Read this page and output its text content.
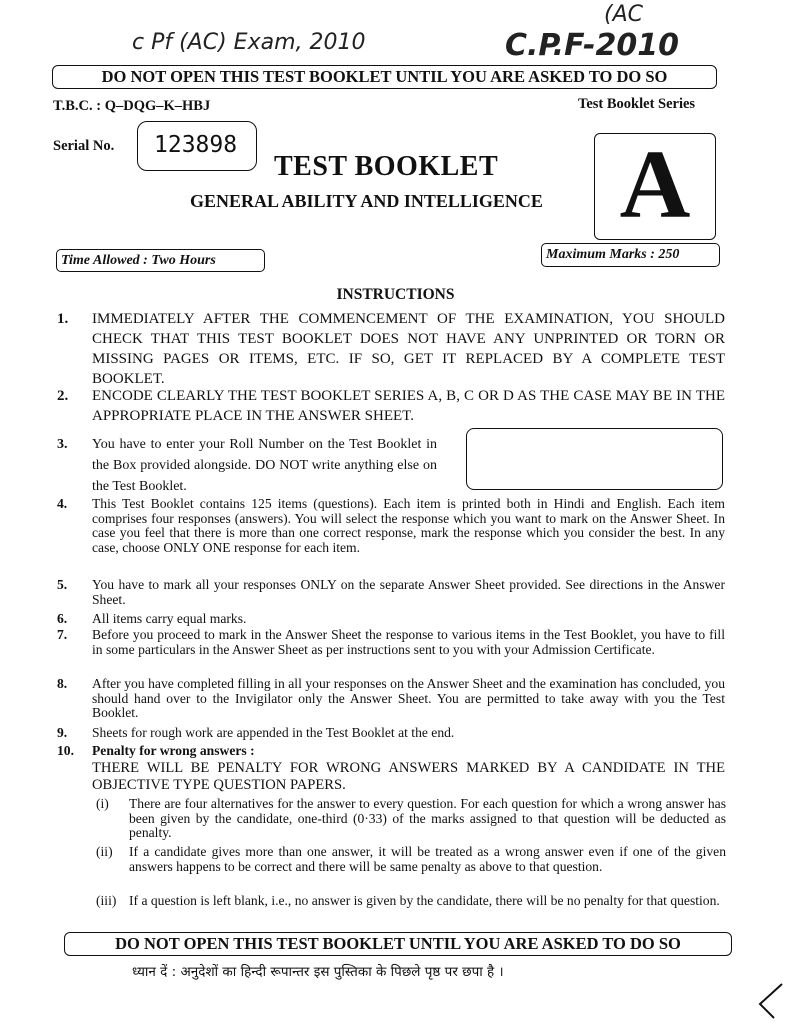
c Pf (AC) Exam, 2010
(AC
C.P.F-2010
DO NOT OPEN THIS TEST BOOKLET UNTIL YOU ARE ASKED TO DO SO
T.B.C. : Q–DQG–K–HBJ	Test Booklet Series
Serial No. 123898
TEST BOOKLET
GENERAL ABILITY AND INTELLIGENCE A
Time Allowed : Two Hours	Maximum Marks : 250
INSTRUCTIONS
1. IMMEDIATELY AFTER THE COMMENCEMENT OF THE EXAMINATION, YOU SHOULD CHECK THAT THIS TEST BOOKLET DOES NOT HAVE ANY UNPRINTED OR TORN OR MISSING PAGES OR ITEMS, ETC. IF SO, GET IT REPLACED BY A COMPLETE TEST BOOKLET.
2. ENCODE CLEARLY THE TEST BOOKLET SERIES A, B, C OR D AS THE CASE MAY BE IN THE APPROPRIATE PLACE IN THE ANSWER SHEET.
3. You have to enter your Roll Number on the Test Booklet in the Box provided alongside. DO NOT write anything else on the Test Booklet.
4. This Test Booklet contains 125 items (questions). Each item is printed both in Hindi and English. Each item comprises four responses (answers). You will select the response which you want to mark on the Answer Sheet. In case you feel that there is more than one correct response, mark the response which you consider the best. In any case, choose ONLY ONE response for each item.
5. You have to mark all your responses ONLY on the separate Answer Sheet provided. See directions in the Answer Sheet.
6. All items carry equal marks.
7. Before you proceed to mark in the Answer Sheet the response to various items in the Test Booklet, you have to fill in some particulars in the Answer Sheet as per instructions sent to you with your Admission Certificate.
8. After you have completed filling in all your responses on the Answer Sheet and the examination has concluded, you should hand over to the Invigilator only the Answer Sheet. You are permitted to take away with you the Test Booklet.
9. Sheets for rough work are appended in the Test Booklet at the end.
10. Penalty for wrong answers :
THERE WILL BE PENALTY FOR WRONG ANSWERS MARKED BY A CANDIDATE IN THE OBJECTIVE TYPE QUESTION PAPERS.
(i) There are four alternatives for the answer to every question. For each question for which a wrong answer has been given by the candidate, one-third (0·33) of the marks assigned to that question will be deducted as penalty.
(ii) If a candidate gives more than one answer, it will be treated as a wrong answer even if one of the given answers happens to be correct and there will be same penalty as above to that question.
(iii) If a question is left blank, i.e., no answer is given by the candidate, there will be no penalty for that question.
DO NOT OPEN THIS TEST BOOKLET UNTIL YOU ARE ASKED TO DO SO
ध्यान दें : अनुदेशों का हिन्दी रूपान्तर इस पुस्तिका के पिछले पृष्ठ पर छपा है ।
